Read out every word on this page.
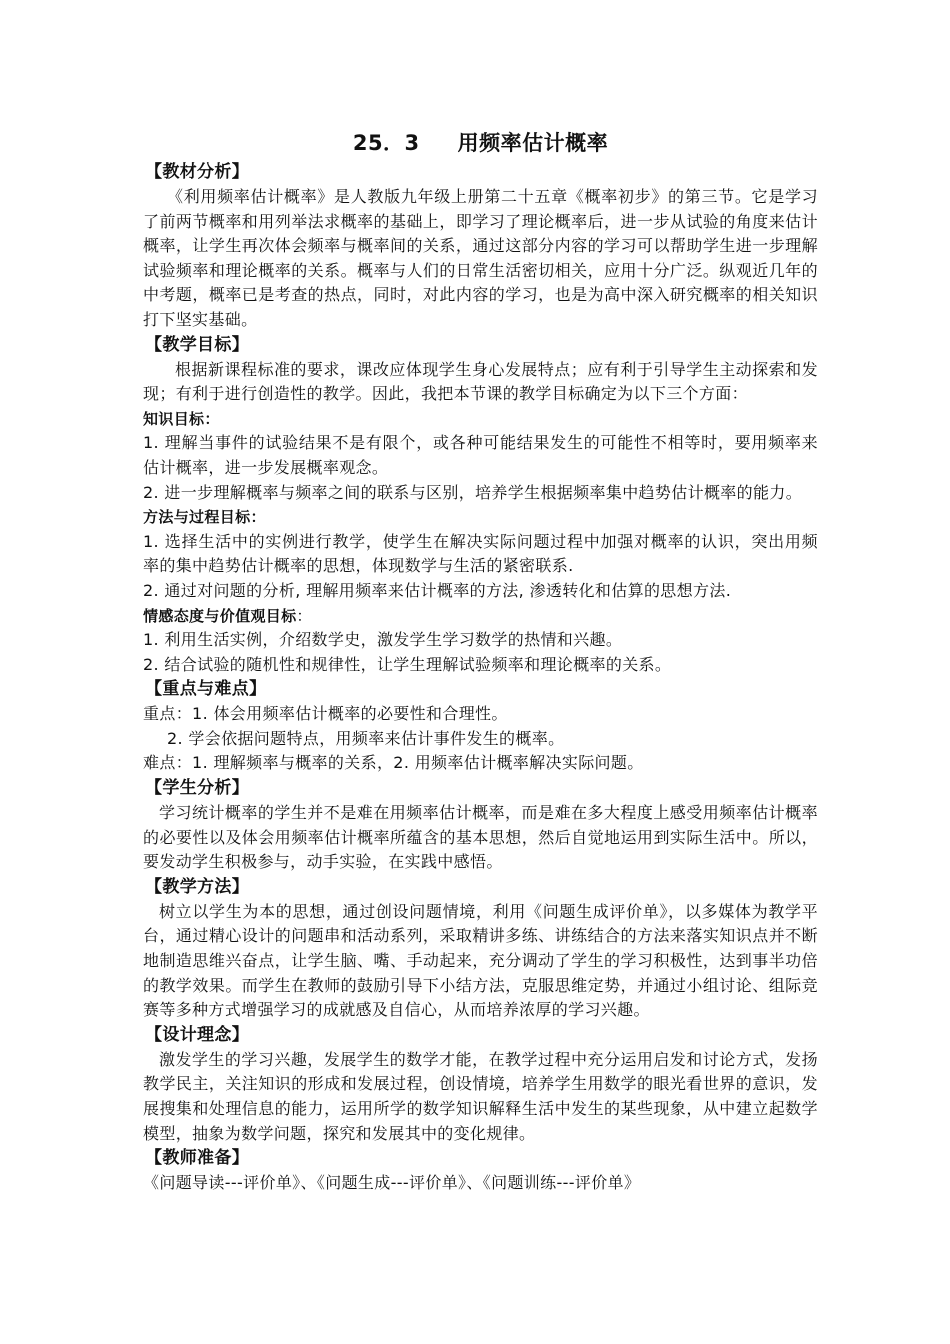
25．3 用频率估计概率
【教材分析】

《利用频率估计概率》是人教版九年级上册第二十五章《概率初步》的第三节。它是学习了前两节概率和用列举法求概率的基础上，即学习了理论概率后，进一步从试验的角度来估计概率，让学生再次体会频率与概率间的关系，通过这部分内容的学习可以帮助学生进一步理解试验频率和理论概率的关系。概率与人们的日常生活密切相关，应用十分广泛。纵观近几年的中考题，概率已是考查的热点，同时，对此内容的学习，也是为高中深入研究概率的相关知识打下坚实基础。

【教学目标】

根据新课程标准的要求，课改应体现学生身心发展特点；应有利于引导学生主动探索和发现；有利于进行创造性的教学。因此，我把本节课的教学目标确定为以下三个方面：

知识目标：

1. 理解当事件的试验结果不是有限个，或各种可能结果发生的可能性不相等时，要用频率来估计概率，进一步发展概率观念。

2. 进一步理解概率与频率之间的联系与区别，培养学生根据频率集中趋势估计概率的能力。

方法与过程目标：

1. 选择生活中的实例进行教学，使学生在解决实际问题过程中加强对概率的认识，突出用频率的集中趋势估计概率的思想，体现数学与生活的紧密联系.

2. 通过对问题的分析, 理解用频率来估计概率的方法, 渗透转化和估算的思想方法.

情感态度与价值观目标：

1. 利用生活实例，介绍数学史，激发学生学习数学的热情和兴趣。

2. 结合试验的随机性和规律性，让学生理解试验频率和理论概率的关系。

【重点与难点】

重点：1. 体会用频率估计概率的必要性和合理性。

2. 学会依据问题特点，用频率来估计事件发生的概率。

难点：1. 理解频率与概率的关系，2. 用频率估计概率解决实际问题。

【学生分析】

学习统计概率的学生并不是难在用频率估计概率，而是难在多大程度上感受用频率估计概率的必要性以及体会用频率估计概率所蕴含的基本思想，然后自觉地运用到实际生活中。所以，要发动学生积极参与，动手实验，在实践中感悟。

【教学方法】

树立以学生为本的思想，通过创设问题情境，利用《问题生成评价单》，以多媒体为教学平台，通过精心设计的问题串和活动系列，采取精讲多练、讲练结合的方法来落实知识点并不断地制造思维兴奋点，让学生脑、嘴、手动起来，充分调动了学生的学习积极性，达到事半功倍的教学效果。而学生在教师的鼓励引导下小结方法，克服思维定势，并通过小组讨论、组际竞赛等多种方式增强学习的成就感及自信心，从而培养浓厚的学习兴趣。

【设计理念】

激发学生的学习兴趣，发展学生的数学才能，在教学过程中充分运用启发和讨论方式，发扬教学民主，关注知识的形成和发展过程，创设情境，培养学生用数学的眼光看世界的意识，发展搜集和处理信息的能力，运用所学的数学知识解释生活中发生的某些现象，从中建立起数学模型，抽象为数学问题，探究和发展其中的变化规律。

【教师准备】

《问题导读---评价单》、《问题生成---评价单》、《问题训练---评价单》
